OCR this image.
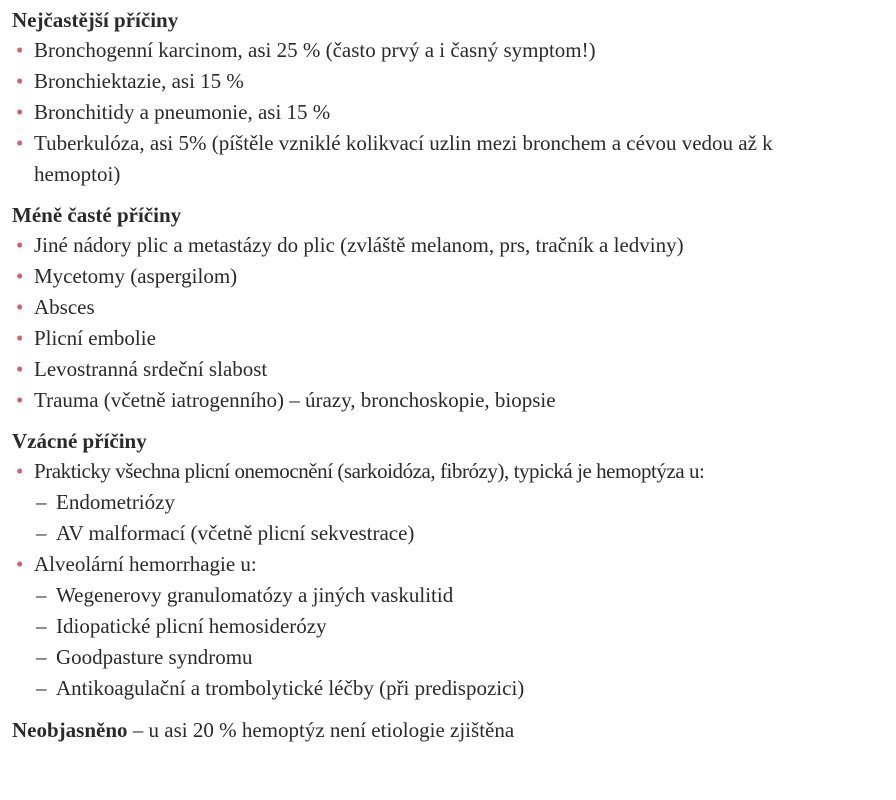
Nejčastější příčiny

• Bronchogenní karcinom, asi 25 % (často prvý a i časný symptom!)
• Bronchiektazie, asi 15 %
• Bronchitidy a pneumonie, asi 15 %
• Tuberkulóza, asi 5% (píštěle vzniklé kolikvací uzlin mezi bronchem a cévou vedou až k hemoptoi)

Méně časté příčiny

• Jiné nádory plic a metastázy do plic (zvláště melanom, prs, tračník a ledviny)
• Mycetomy (aspergilom)
• Absces
• Plicní embolie
• Levostranná srdeční slabost
• Trauma (včetně iatrogenního) – úrazy, bronchoskopie, biopsie

Vzácné příčiny

• Prakticky všechna plicní onemocnění (sarkoidóza, fibrózy), typická je hemoptýza u:
– Endometriózy
– AV malformací (včetně plicní sekvestrace)
• Alveolární hemorrhagie u:
– Wegenerovy granulomatózy a jiných vaskulitid
– Idiopatické plicní hemosiderózy
– Goodpasture syndromu
– Antikoagulační a trombolytické léčby (při predispozici)

Neobjasněno – u asi 20 % hemoptýz není etiologie zjištěna
